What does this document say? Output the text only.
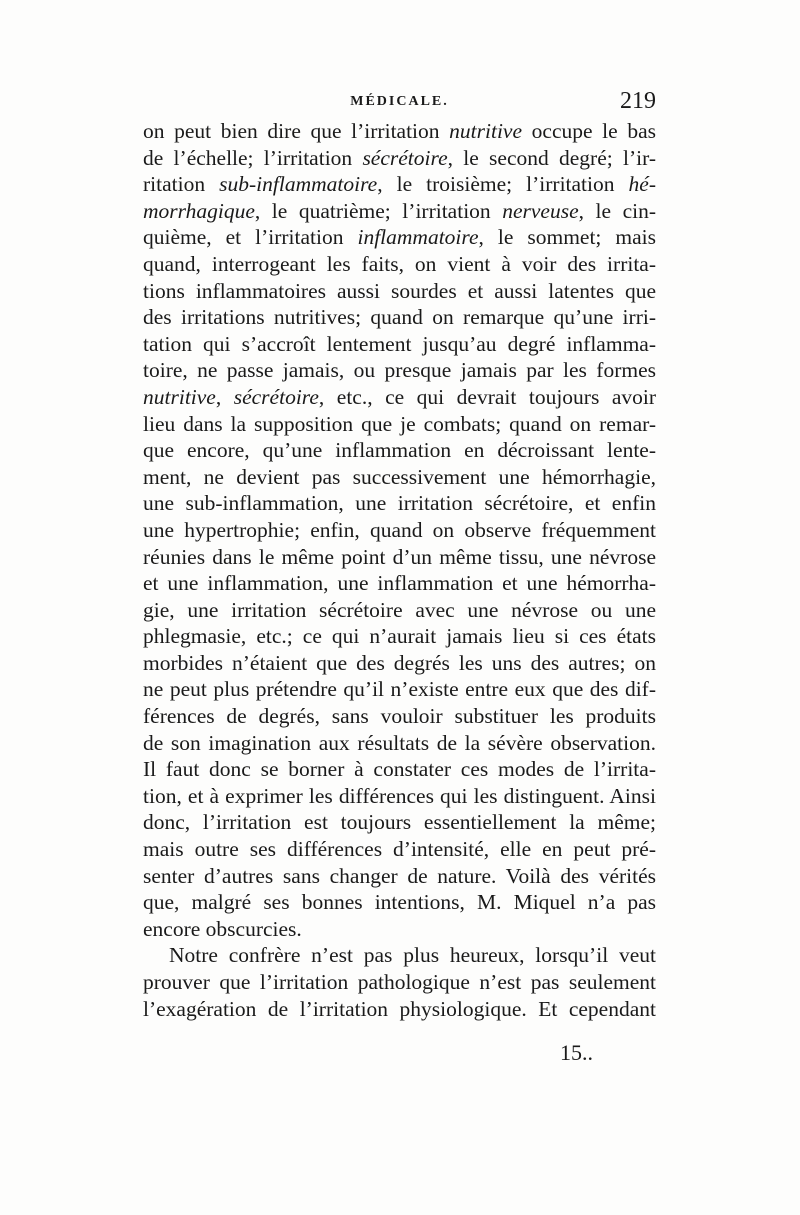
MÉDICALE.	219
on peut bien dire que l’irritation nutritive occupe le bas
de l’échelle; l’irritation sécrétoire, le second degré; l’ir-
ritation sub-inflammatoire, le troisième; l’irritation hé-
morrhagique, le quatrième; l’irritation nerveuse, le cin-
quième, et l’irritation inflammatoire, le sommet; mais
quand, interrogeant les faits, on vient à voir des irrita-
tions inflammatoires aussi sourdes et aussi latentes que
des irritations nutritives; quand on remarque qu’une irri-
tation qui s’accroît lentement jusqu’au degré inflamma-
toire, ne passe jamais, ou presque jamais par les formes
nutritive, sécrétoire, etc., ce qui devrait toujours avoir
lieu dans la supposition que je combats; quand on remar-
que encore, qu’une inflammation en décroissant lente-
ment, ne devient pas successivement une hémorrhagie,
une sub-inflammation, une irritation sécrétoire, et enfin
une hypertrophie; enfin, quand on observe fréquemment
réunies dans le même point d’un même tissu, une névrose
et une inflammation, une inflammation et une hémorrha-
gie, une irritation sécrétoire avec une névrose ou une
phlegmasie, etc.; ce qui n’aurait jamais lieu si ces états
morbides n’étaient que des degrés les uns des autres; on
ne peut plus prétendre qu’il n’existe entre eux que des dif-
férences de degrés, sans vouloir substituer les produits
de son imagination aux résultats de la sévère observation.
Il faut donc se borner à constater ces modes de l’irrita-
tion, et à exprimer les différences qui les distinguent. Ainsi
donc, l’irritation est toujours essentiellement la même;
mais outre ses différences d’intensité, elle en peut pré-
senter d’autres sans changer de nature. Voilà des vérités
que, malgré ses bonnes intentions, M. Miquel n’a pas
encore obscurcies.
Notre confrère n’est pas plus heureux, lorsqu’il veut
prouver que l’irritation pathologique n’est pas seulement
l’exagération de l’irritation physiologique. Et cependant
15..
